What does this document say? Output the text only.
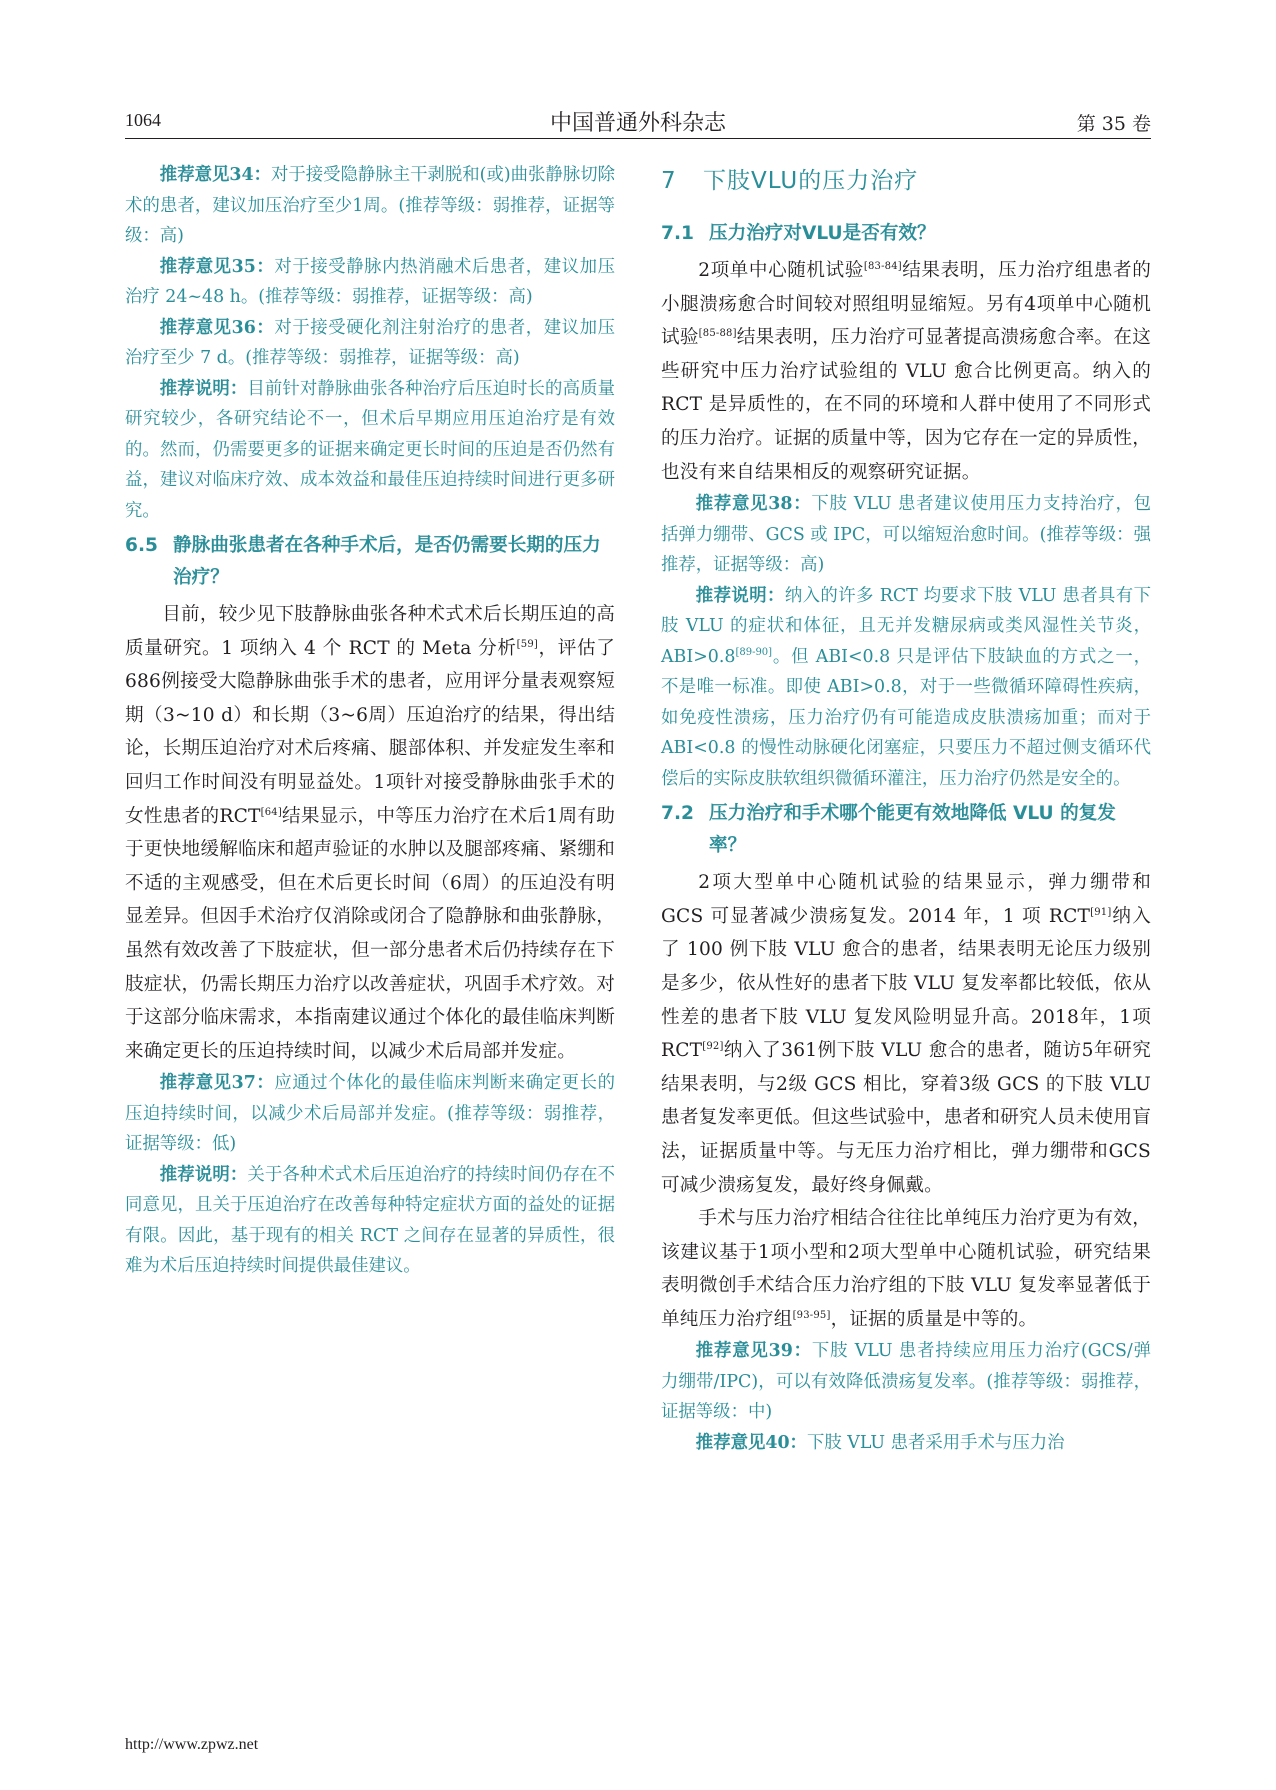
1064	中国普通外科杂志	第 35 卷

推荐意见34：对于接受隐静脉主干剥脱和(或)曲张静脉切除术的患者，建议加压治疗至少1周。(推荐等级：弱推荐，证据等级：高)

推荐意见35：对于接受静脉内热消融术后患者，建议加压治疗 24~48 h。(推荐等级：弱推荐，证据等级：高)

推荐意见36：对于接受硬化剂注射治疗的患者，建议加压治疗至少 7 d。(推荐等级：弱推荐，证据等级：高)

推荐说明：目前针对静脉曲张各种治疗后压迫时长的高质量研究较少，各研究结论不一，但术后早期应用压迫治疗是有效的。然而，仍需要更多的证据来确定更长时间的压迫是否仍然有益，建议对临床疗效、成本效益和最佳压迫持续时间进行更多研究。

6.5 静脉曲张患者在各种手术后，是否仍需要长期的压力治疗？

目前，较少见下肢静脉曲张各种术式术后长期压迫的高质量研究。1 项纳入 4 个 RCT 的 Meta 分析[59]，评估了686例接受大隐静脉曲张手术的患者，应用评分量表观察短期（3~10 d）和长期（3~6周）压迫治疗的结果，得出结论，长期压迫治疗对术后疼痛、腿部体积、并发症发生率和回归工作时间没有明显益处。1项针对接受静脉曲张手术的女性患者的RCT[64]结果显示，中等压力治疗在术后1周有助于更快地缓解临床和超声验证的水肿以及腿部疼痛、紧绷和不适的主观感受，但在术后更长时间（6周）的压迫没有明显差异。但因手术治疗仅消除或闭合了隐静脉和曲张静脉，虽然有效改善了下肢症状，但一部分患者术后仍持续存在下肢症状，仍需长期压力治疗以改善症状，巩固手术疗效。对于这部分临床需求，本指南建议通过个体化的最佳临床判断来确定更长的压迫持续时间，以减少术后局部并发症。

推荐意见37：应通过个体化的最佳临床判断来确定更长的压迫持续时间，以减少术后局部并发症。(推荐等级：弱推荐，证据等级：低)

推荐说明：关于各种术式术后压迫治疗的持续时间仍存在不同意见，且关于压迫治疗在改善每种特定症状方面的益处的证据有限。因此，基于现有的相关 RCT 之间存在显著的异质性，很难为术后压迫持续时间提供最佳建议。

7 下肢VLU的压力治疗
7.1 压力治疗对VLU是否有效？

2项单中心随机试验[83-84]结果表明，压力治疗组患者的小腿溃疡愈合时间较对照组明显缩短。另有4项单中心随机试验[85-88]结果表明，压力治疗可显著提高溃疡愈合率。在这些研究中压力治疗试验组的 VLU 愈合比例更高。纳入的 RCT 是异质性的，在不同的环境和人群中使用了不同形式的压力治疗。证据的质量中等，因为它存在一定的异质性，也没有来自结果相反的观察研究证据。

推荐意见38：下肢 VLU 患者建议使用压力支持治疗，包括弹力绷带、GCS 或 IPC，可以缩短治愈时间。(推荐等级：强推荐，证据等级：高)

推荐说明：纳入的许多 RCT 均要求下肢 VLU 患者具有下肢 VLU 的症状和体征，且无并发糖尿病或类风湿性关节炎，ABI>0.8[89-90]。但 ABI<0.8 只是评估下肢缺血的方式之一，不是唯一标准。即使 ABI>0.8，对于一些微循环障碍性疾病，如免疫性溃疡，压力治疗仍有可能造成皮肤溃疡加重；而对于 ABI<0.8 的慢性动脉硬化闭塞症，只要压力不超过侧支循环代偿后的实际皮肤软组织微循环灌注，压力治疗仍然是安全的。

7.2 压力治疗和手术哪个能更有效地降低 VLU 的复发率？

2项大型单中心随机试验的结果显示，弹力绷带和 GCS 可显著减少溃疡复发。2014 年，1 项 RCT[91]纳入了 100 例下肢 VLU 愈合的患者，结果表明无论压力级别是多少，依从性好的患者下肢 VLU 复发率都比较低，依从性差的患者下肢 VLU 复发风险明显升高。2018年，1项RCT[92]纳入了361例下肢 VLU 愈合的患者，随访5年研究结果表明，与2级 GCS 相比，穿着3级 GCS 的下肢 VLU 患者复发率更低。但这些试验中，患者和研究人员未使用盲法，证据质量中等。与无压力治疗相比，弹力绷带和GCS可减少溃疡复发，最好终身佩戴。

手术与压力治疗相结合往往比单纯压力治疗更为有效，该建议基于1项小型和2项大型单中心随机试验，研究结果表明微创手术结合压力治疗组的下肢 VLU 复发率显著低于单纯压力治疗组[93-95]，证据的质量是中等的。

推荐意见39：下肢 VLU 患者持续应用压力治疗(GCS/弹力绷带/IPC)，可以有效降低溃疡复发率。(推荐等级：弱推荐，证据等级：中)

推荐意见40：下肢 VLU 患者采用手术与压力治

http://www.zpwz.net
